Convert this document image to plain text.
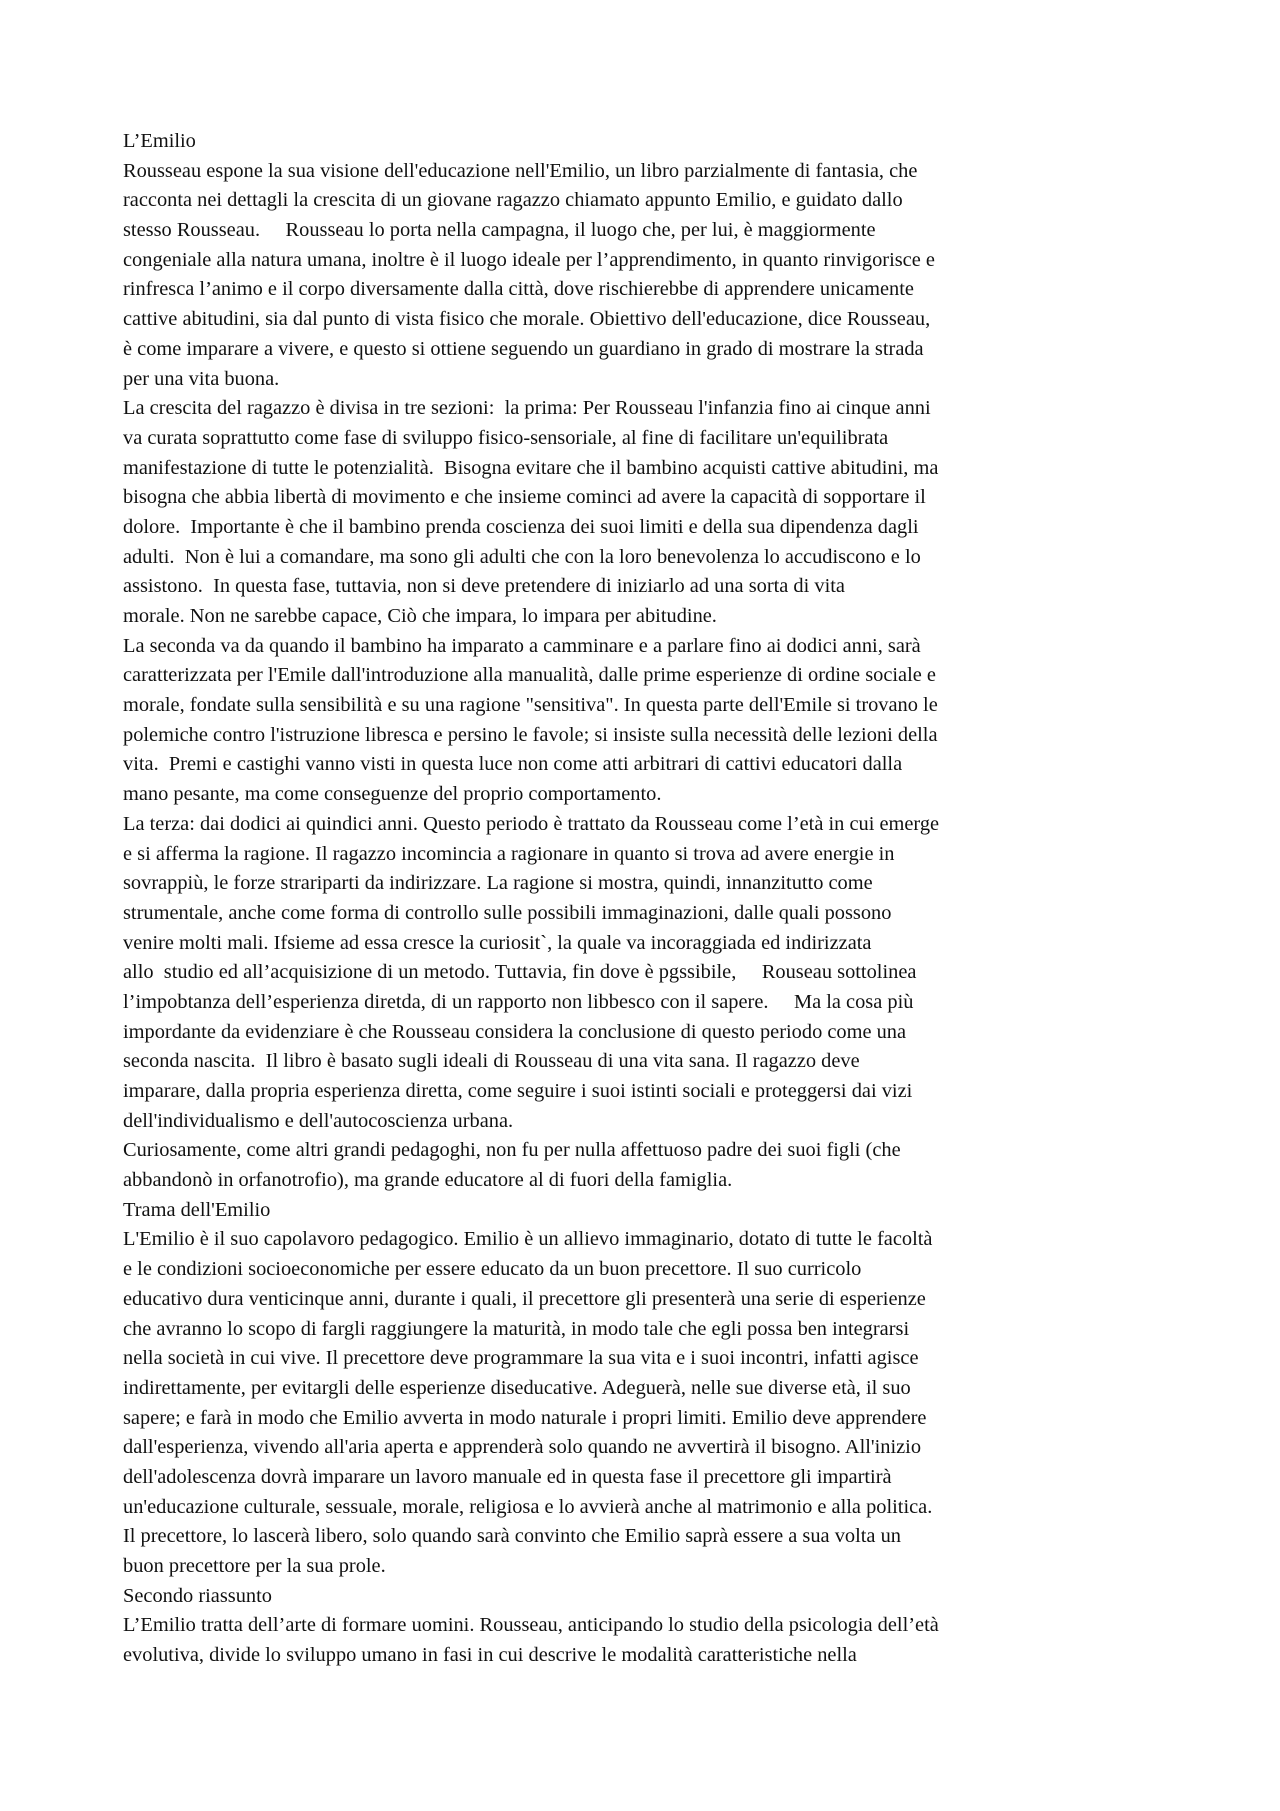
L’Emilio
Rousseau espone la sua visione dell'educazione nell'Emilio, un libro parzialmente di fantasia, che
racconta nei dettagli la crescita di un giovane ragazzo chiamato appunto Emilio, e guidato dallo
stesso Rousseau.     Rousseau lo porta nella campagna, il luogo che, per lui, è maggiormente
congeniale alla natura umana, inoltre è il luogo ideale per l’apprendimento, in quanto rinvigorisce e
rinfresca l’animo e il corpo diversamente dalla città, dove rischierebbe di apprendere unicamente
cattive abitudini, sia dal punto di vista fisico che morale. Obiettivo dell'educazione, dice Rousseau,
è come imparare a vivere, e questo si ottiene seguendo un guardiano in grado di mostrare la strada
per una vita buona.
La crescita del ragazzo è divisa in tre sezioni:  la prima: Per Rousseau l'infanzia fino ai cinque anni
va curata soprattutto come fase di sviluppo fisico-sensoriale, al fine di facilitare un'equilibrata
manifestazione di tutte le potenzialità.  Bisogna evitare che il bambino acquisti cattive abitudini, ma
bisogna che abbia libertà di movimento e che insieme cominci ad avere la capacità di sopportare il
dolore.  Importante è che il bambino prenda coscienza dei suoi limiti e della sua dipendenza dagli
adulti.  Non è lui a comandare, ma sono gli adulti che con la loro benevolenza lo accudiscono e lo
assistono.  In questa fase, tuttavia, non si deve pretendere di iniziarlo ad una sorta di vita
morale. Non ne sarebbe capace, Ciò che impara, lo impara per abitudine.
La seconda va da quando il bambino ha imparato a camminare e a parlare fino ai dodici anni, sarà
caratterizzata per l'Emile dall'introduzione alla manualità, dalle prime esperienze di ordine sociale e
morale, fondate sulla sensibilità e su una ragione "sensitiva". In questa parte dell'Emile si trovano le
polemiche contro l'istruzione libresca e persino le favole; si insiste sulla necessità delle lezioni della
vita.  Premi e castighi vanno visti in questa luce non come atti arbitrari di cattivi educatori dalla
mano pesante, ma come conseguenze del proprio comportamento.
La terza: dai dodici ai quindici anni. Questo periodo è trattato da Rousseau come l’età in cui emerge
e si afferma la ragione. Il ragazzo incomincia a ragionare in quanto si trova ad avere energie in
sovrappiù, le forze strariparti da indirizzare. La ragione si mostra, quindi, innanzitutto come
strumentale, anche come forma di controllo sulle possibili immaginazioni, dalle quali possono
venire molti mali. Ifsieme ad essa cresce la curiosit`, la quale va incoraggiada ed indirizzata
allo  studio ed all’acquisizione di un metodo. Tuttavia, fin dove è pgssibile,     Rouseau sottolinea
l’impobtanza dell’esperienza diretda, di un rapporto non libbesco con il sapere.     Ma la cosa più
impordante da evidenziare è che Rousseau considera la conclusione di questo periodo come una
seconda nascita.  Il libro è basato sugli ideali di Rousseau di una vita sana. Il ragazzo deve
imparare, dalla propria esperienza diretta, come seguire i suoi istinti sociali e proteggersi dai vizi
dell'individualismo e dell'autocoscienza urbana.
Curiosamente, come altri grandi pedagoghi, non fu per nulla affettuoso padre dei suoi figli (che
abbandonò in orfanotrofio), ma grande educatore al di fuori della famiglia.
Trama dell'Emilio
L'Emilio è il suo capolavoro pedagogico. Emilio è un allievo immaginario, dotato di tutte le facoltà
e le condizioni socioeconomiche per essere educato da un buon precettore. Il suo curricolo
educativo dura venticinque anni, durante i quali, il precettore gli presenterà una serie di esperienze
che avranno lo scopo di fargli raggiungere la maturità, in modo tale che egli possa ben integrarsi
nella società in cui vive. Il precettore deve programmare la sua vita e i suoi incontri, infatti agisce
indirettamente, per evitargli delle esperienze diseducative. Adeguerà, nelle sue diverse età, il suo
sapere; e farà in modo che Emilio avverta in modo naturale i propri limiti. Emilio deve apprendere
dall'esperienza, vivendo all'aria aperta e apprenderà solo quando ne avvertirà il bisogno. All'inizio
dell'adolescenza dovrà imparare un lavoro manuale ed in questa fase il precettore gli impartirà
un'educazione culturale, sessuale, morale, religiosa e lo avvierà anche al matrimonio e alla politica.
Il precettore, lo lascerà libero, solo quando sarà convinto che Emilio saprà essere a sua volta un
buon precettore per la sua prole.
Secondo riassunto
L’Emilio tratta dell’arte di formare uomini. Rousseau, anticipando lo studio della psicologia dell’età
evolutiva, divide lo sviluppo umano in fasi in cui descrive le modalità caratteristiche nella
